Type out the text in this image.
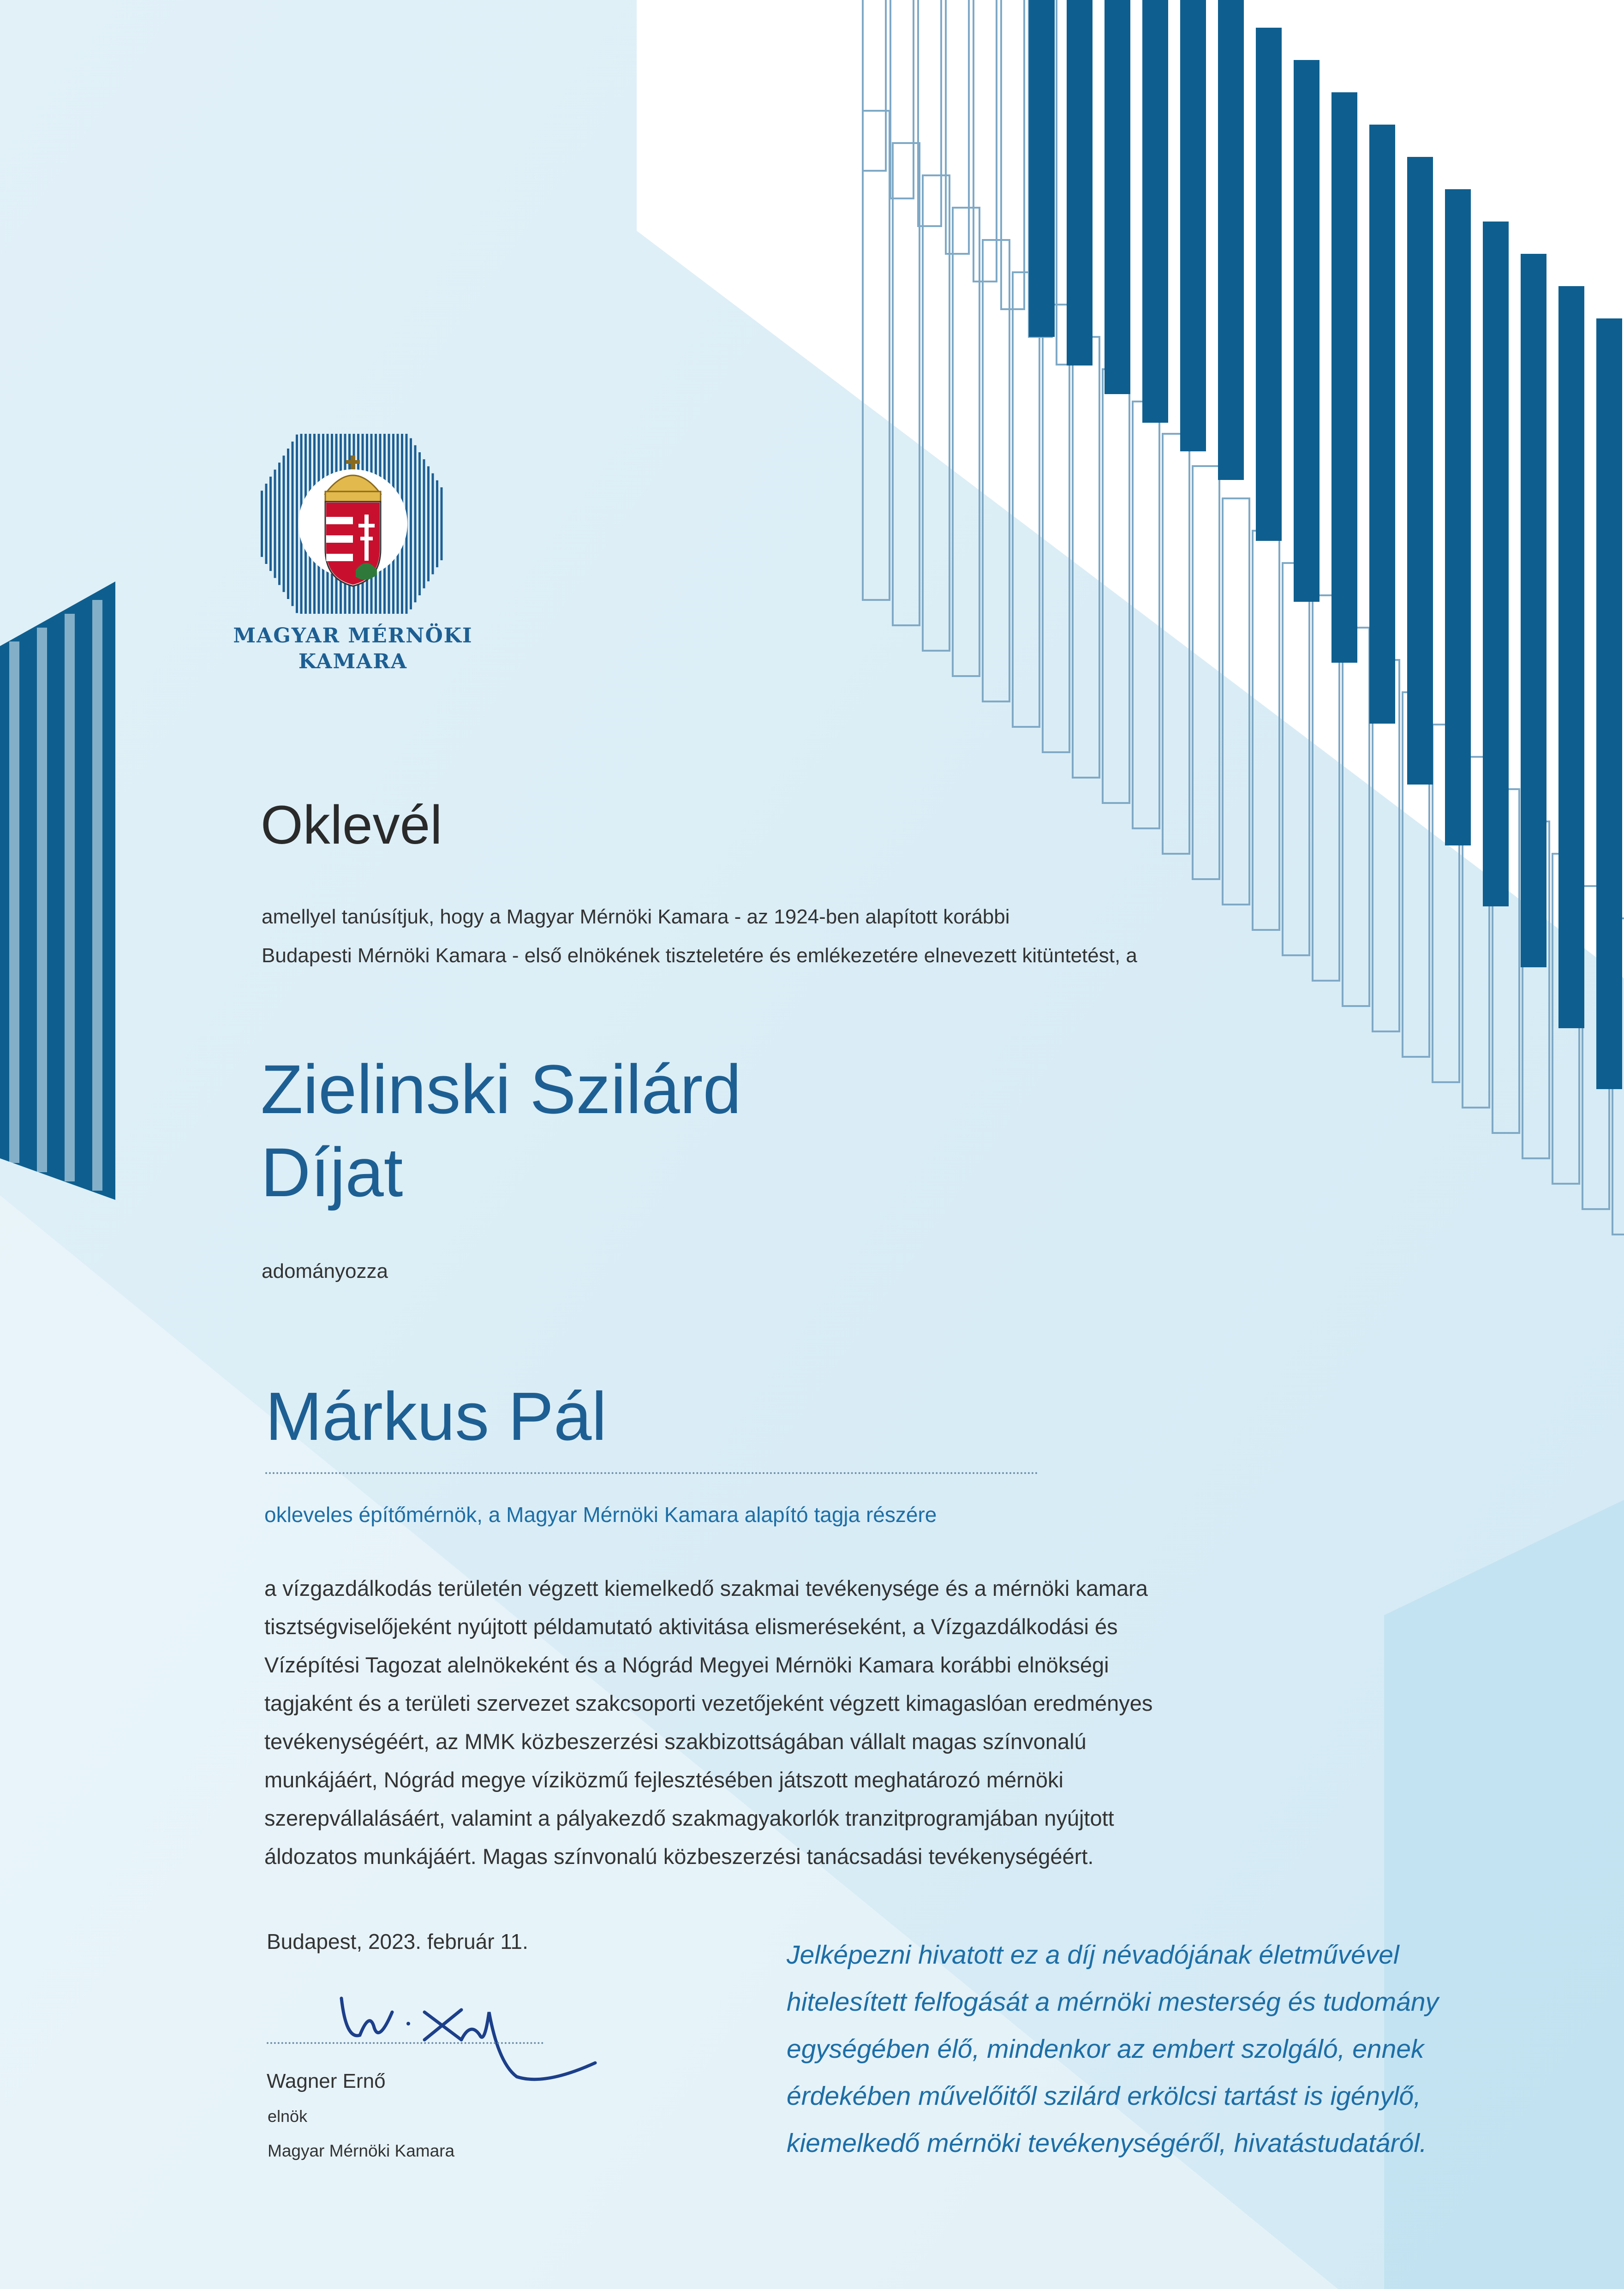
MAGYAR MÉRNÖKI
KAMARA
Oklevél
amellyel tanúsítjuk, hogy a Magyar Mérnöki Kamara - az 1924-ben alapított korábbi
Budapesti Mérnöki Kamara - első elnökének tiszteletére és emlékezetére elnevezett kitüntetést, a
Zielinski Szilárd
Díjat
adományozza
Márkus Pál
okleveles építőmérnök, a Magyar Mérnöki Kamara alapító tagja részére
a vízgazdálkodás területén végzett kiemelkedő szakmai tevékenysége és a mérnöki kamara
tisztségviselőjeként nyújtott példamutató aktivitása elismeréseként, a Vízgazdálkodási és
Vízépítési Tagozat alelnökeként és a Nógrád Megyei Mérnöki Kamara korábbi elnökségi
tagjaként és a területi szervezet szakcsoporti vezetőjeként végzett kimagaslóan eredményes
tevékenységéért, az MMK közbeszerzési szakbizottságában vállalt magas színvonalú
munkájáért, Nógrád megye víziközmű fejlesztésében játszott meghatározó mérnöki
szerepvállalásáért, valamint a pályakezdő szakmagyakorlók tranzitprogramjában nyújtott
áldozatos munkájáért. Magas színvonalú közbeszerzési tanácsadási tevékenységéért.
Budapest, 2023. február 11.
Wagner Ernő
elnök
Magyar Mérnöki Kamara
Jelképezni hivatott ez a díj névadójának életművével
hitelesített felfogását a mérnöki mesterség és tudomány
egységében élő, mindenkor az embert szolgáló, ennek
érdekében művelőitől szilárd erkölcsi tartást is igénylő,
kiemelkedő mérnöki tevékenységéről, hivatástudatáról.
